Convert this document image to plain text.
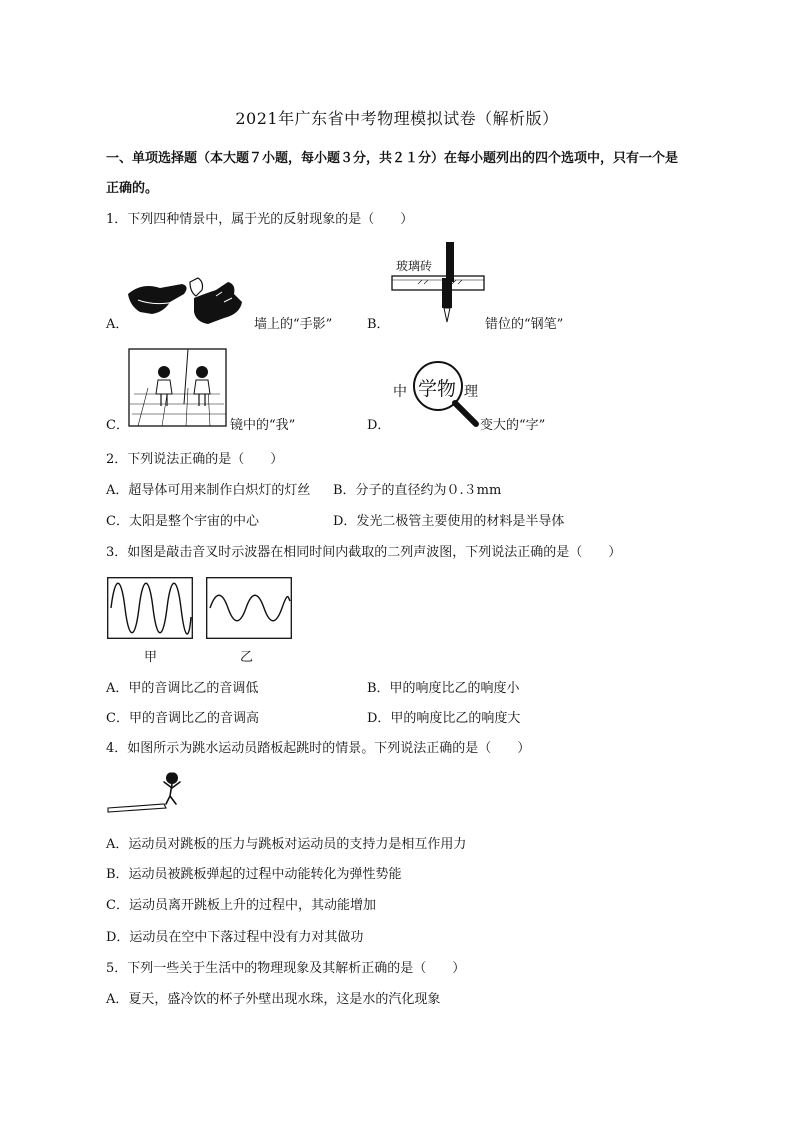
2021年广东省中考物理模拟试卷（解析版）
一、单项选择题（本大题７小题，每小题３分，共２１分）在每小题列出的四个选项中，只有一个是
正确的。
1．下列四种情景中，属于光的反射现象的是（　　）
A．	墙上的“手影”	B．
玻璃砖
错位的“钢笔”
C．	镜中的“我”	D．
中 学物 理
变大的“字”
2．下列说法正确的是（　　）
A．超导体可用来制作白炽灯的灯丝 B．分子的直径约为０.３mm
C．太阳是整个宇宙的中心	D．发光二极管主要使用的材料是半导体
3．如图是敲击音叉时示波器在相同时间内截取的二列声波图，下列说法正确的是（　　）
甲	乙
A．甲的音调比乙的音调低	B．甲的响度比乙的响度小
C．甲的音调比乙的音调高	D．甲的响度比乙的响度大
4．如图所示为跳水运动员踏板起跳时的情景。下列说法正确的是（　　）
A．运动员对跳板的压力与跳板对运动员的支持力是相互作用力
B．运动员被跳板弹起的过程中动能转化为弹性势能
C．运动员离开跳板上升的过程中，其动能增加
D．运动员在空中下落过程中没有力对其做功
5．下列一些关于生活中的物理现象及其解析正确的是（　　）
A．夏天，盛冷饮的杯子外壁出现水珠，这是水的汽化现象
